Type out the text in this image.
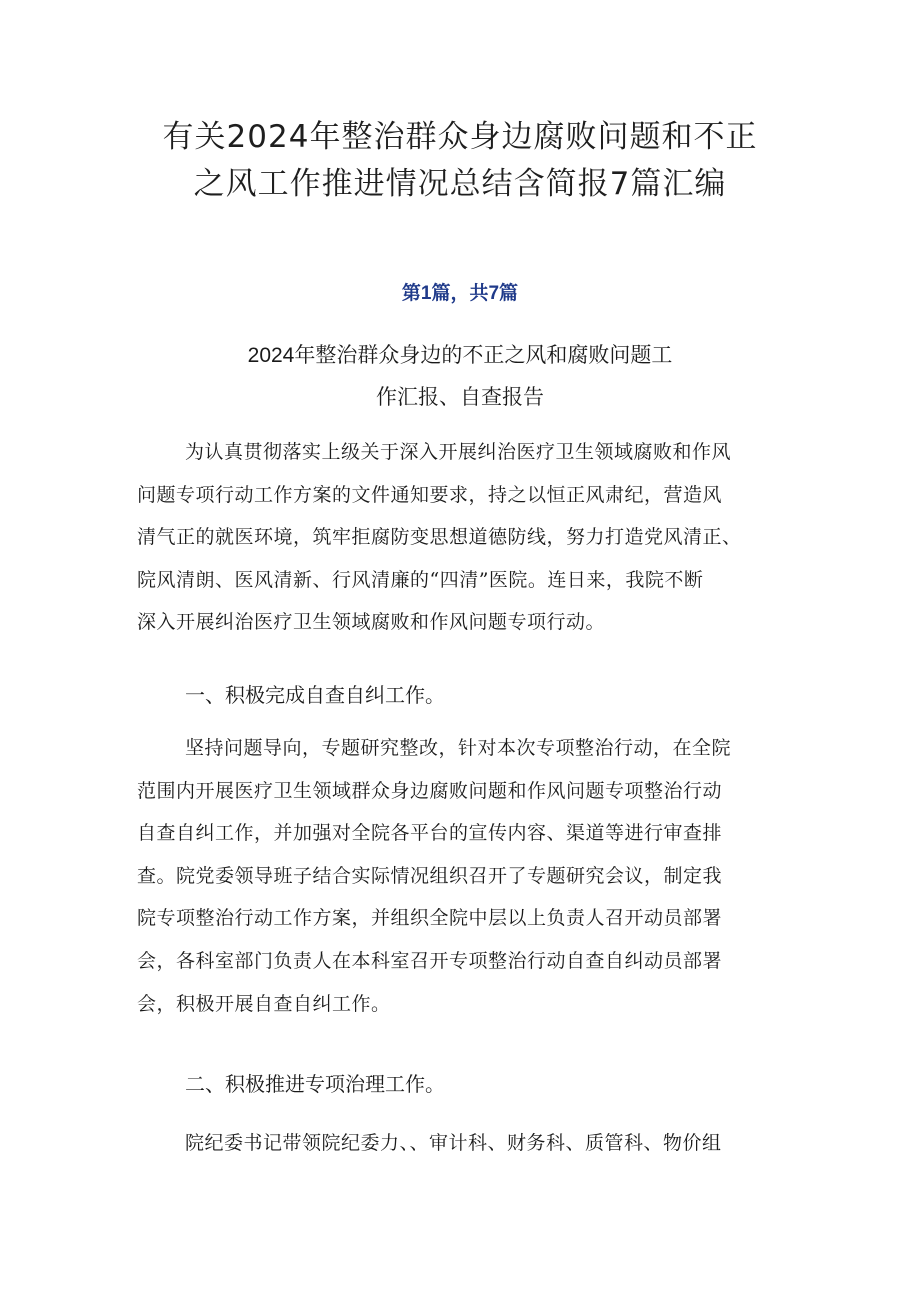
有关2024年整治群众身边腐败问题和不正
之风工作推进情况总结含简报7篇汇编
第1篇，共7篇
2024年整治群众身边的不正之风和腐败问题工
作汇报、自查报告
为认真贯彻落实上级关于深入开展纠治医疗卫生领域腐败和作风
问题专项行动工作方案的文件通知要求，持之以恒正风肃纪，营造风
清气正的就医环境，筑牢拒腐防变思想道德防线，努力打造党风清正、
院风清朗、医风清新、行风清廉的“四清”医院。连日来，我院不断
深入开展纠治医疗卫生领域腐败和作风问题专项行动。
一、积极完成自查自纠工作。
坚持问题导向，专题研究整改，针对本次专项整治行动，在全院
范围内开展医疗卫生领域群众身边腐败问题和作风问题专项整治行动
自查自纠工作，并加强对全院各平台的宣传内容、渠道等进行审查排
查。院党委领导班子结合实际情况组织召开了专题研究会议，制定我
院专项整治行动工作方案，并组织全院中层以上负责人召开动员部署
会，各科室部门负责人在本科室召开专项整治行动自查自纠动员部署
会，积极开展自查自纠工作。
二、积极推进专项治理工作。
院纪委书记带领院纪委力、、审计科、财务科、质管科、物价组
